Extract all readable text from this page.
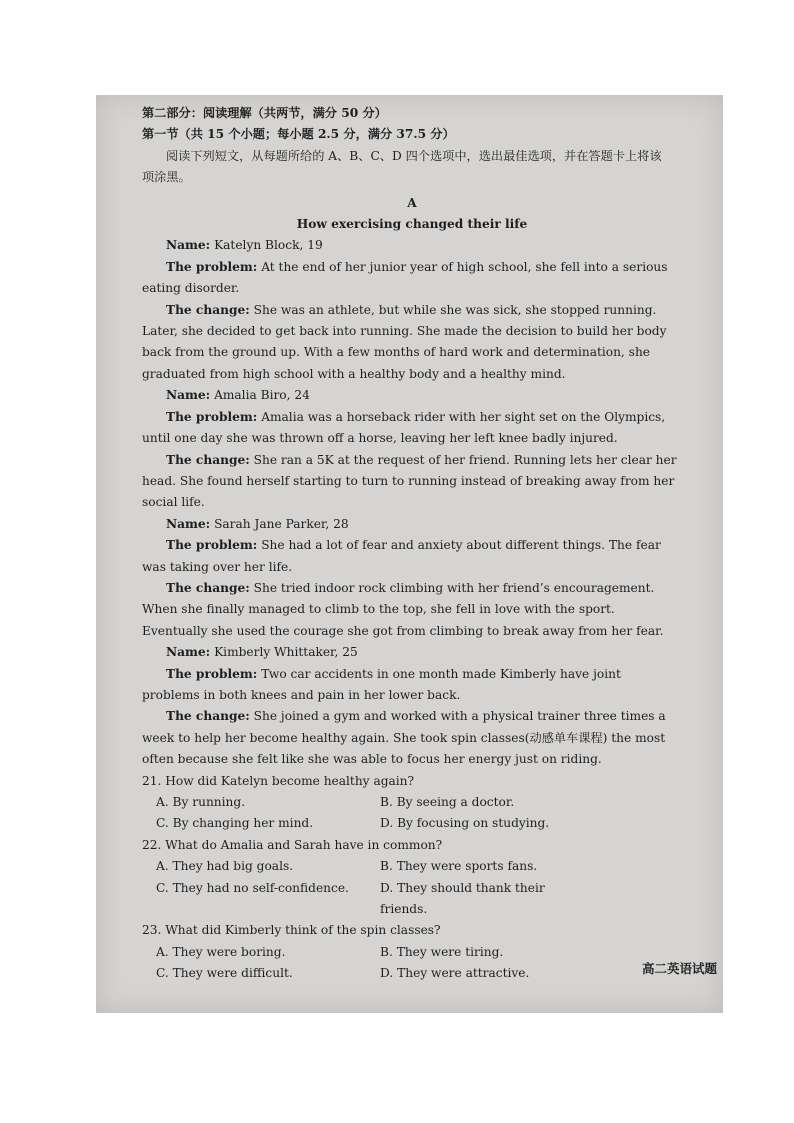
第二部分：阅读理解（共两节，满分 50 分）

第一节（共 15 个小题；每小题 2.5 分，满分 37.5 分）

阅读下列短文，从每题所给的 A、B、C、D 四个选项中，选出最佳选项，并在答题卡上将该

项涂黑。

A

How exercising changed their life

Name: Katelyn Block, 19

The problem: At the end of her junior year of high school, she fell into a serious eating disorder.

The change: She was an athlete, but while she was sick, she stopped running. Later, she decided to get back into running. She made the decision to build her body back from the ground up. With a few months of hard work and determination, she graduated from high school with a healthy body and a healthy mind.

Name: Amalia Biro, 24

The problem: Amalia was a horseback rider with her sight set on the Olympics, until one day she was thrown off a horse, leaving her left knee badly injured.

The change: She ran a 5K at the request of her friend. Running lets her clear her head. She found herself starting to turn to running instead of breaking away from her social life.

Name: Sarah Jane Parker, 28

The problem: She had a lot of fear and anxiety about different things. The fear was taking over her life.

The change: She tried indoor rock climbing with her friend’s encouragement. When she finally managed to climb to the top, she fell in love with the sport. Eventually she used the courage she got from climbing to break away from her fear.

Name: Kimberly Whittaker, 25

The problem: Two car accidents in one month made Kimberly have joint problems in both knees and pain in her lower back.

The change: She joined a gym and worked with a physical trainer three times a week to help her become healthy again. She took spin classes(动感单车课程) the most often because she felt like she was able to focus her energy just on riding.

21. How did Katelyn become healthy again?

A. By running.	B. By seeing a doctor.
C. By changing her mind.	D. By focusing on studying.

22. What do Amalia and Sarah have in common?

A. They had big goals.	B. They were sports fans.
C. They had no self-confidence.	D. They should thank their friends.

23. What did Kimberly think of the spin classes?

A. They were boring.	B. They were tiring.
C. They were difficult.	D. They were attractive.	高二英语试题
